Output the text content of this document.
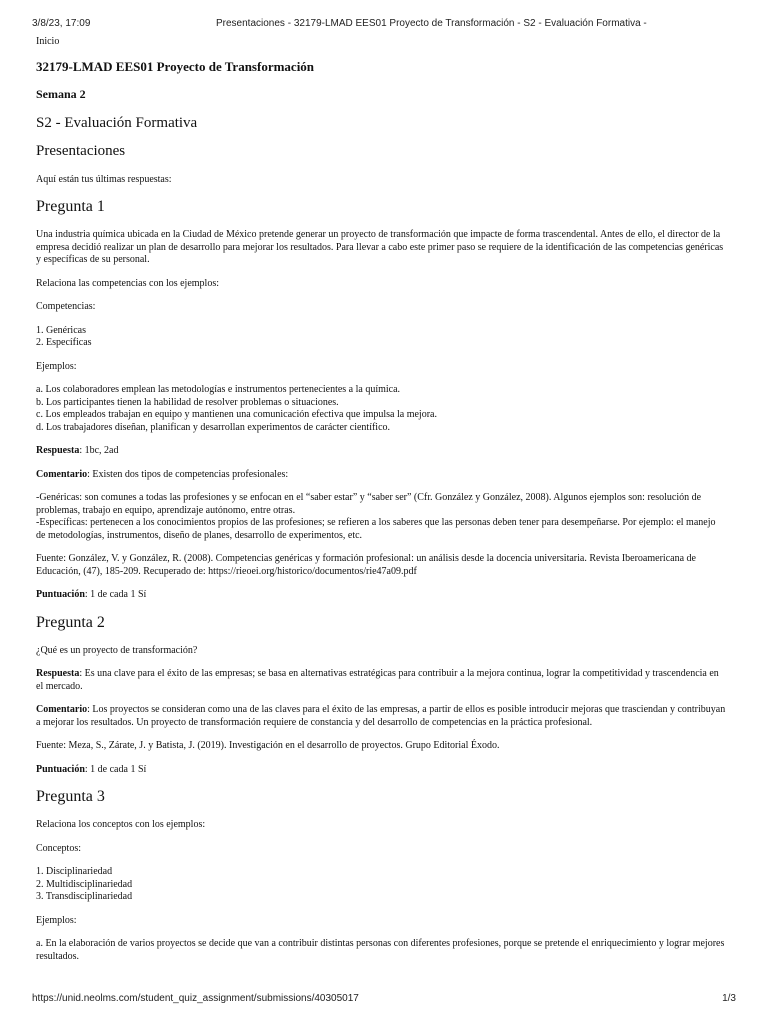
3/8/23, 17:09	Presentaciones - 32179-LMAD EES01 Proyecto de Transformación - S2 - Evaluación Formativa -
Inicio
32179-LMAD EES01 Proyecto de Transformación
Semana 2
S2 - Evaluación Formativa
Presentaciones

Aquí están tus últimas respuestas:

Pregunta 1

Una industria química ubicada en la Ciudad de México pretende generar un proyecto de transformación que impacte de forma trascendental. Antes de ello, el director de la empresa decidió realizar un plan de desarrollo para mejorar los resultados. Para llevar a cabo este primer paso se requiere de la identificación de las competencias genéricas y específicas de su personal.

Relaciona las competencias con los ejemplos:

Competencias:

1. Genéricas
2. Específicas

Ejemplos:

a. Los colaboradores emplean las metodologías e instrumentos pertenecientes a la química.
b. Los participantes tienen la habilidad de resolver problemas o situaciones.
c. Los empleados trabajan en equipo y mantienen una comunicación efectiva que impulsa la mejora.
d. Los trabajadores diseñan, planifican y desarrollan experimentos de carácter científico.

Respuesta: 1bc, 2ad

Comentario: Existen dos tipos de competencias profesionales:

-Genéricas: son comunes a todas las profesiones y se enfocan en el “saber estar” y “saber ser” (Cfr. González y González, 2008). Algunos ejemplos son: resolución de problemas, trabajo en equipo, aprendizaje autónomo, entre otras.
-Específicas: pertenecen a los conocimientos propios de las profesiones; se refieren a los saberes que las personas deben tener para desempeñarse. Por ejemplo: el manejo de metodologías, instrumentos, diseño de planes, desarrollo de experimentos, etc.

Fuente: González, V. y González, R. (2008). Competencias genéricas y formación profesional: un análisis desde la docencia universitaria. Revista Iberoamericana de Educación, (47), 185-209. Recuperado de: https://rieoei.org/historico/documentos/rie47a09.pdf

Puntuación: 1 de cada 1 Sí

Pregunta 2

¿Qué es un proyecto de transformación?

Respuesta: Es una clave para el éxito de las empresas; se basa en alternativas estratégicas para contribuir a la mejora continua, lograr la competitividad y trascendencia en el mercado.

Comentario: Los proyectos se consideran como una de las claves para el éxito de las empresas, a partir de ellos es posible introducir mejoras que trasciendan y contribuyan a mejorar los resultados. Un proyecto de transformación requiere de constancia y del desarrollo de competencias en la práctica profesional.

Fuente: Meza, S., Zárate, J. y Batista, J. (2019). Investigación en el desarrollo de proyectos. Grupo Editorial Éxodo.

Puntuación: 1 de cada 1 Sí

Pregunta 3

Relaciona los conceptos con los ejemplos:

Conceptos:

1. Disciplinariedad
2. Multidisciplinariedad
3. Transdisciplinariedad

Ejemplos:

a. En la elaboración de varios proyectos se decide que van a contribuir distintas personas con diferentes profesiones, porque se pretende el enriquecimiento y lograr mejores resultados.
https://unid.neolms.com/student_quiz_assignment/submissions/40305017	1/3
